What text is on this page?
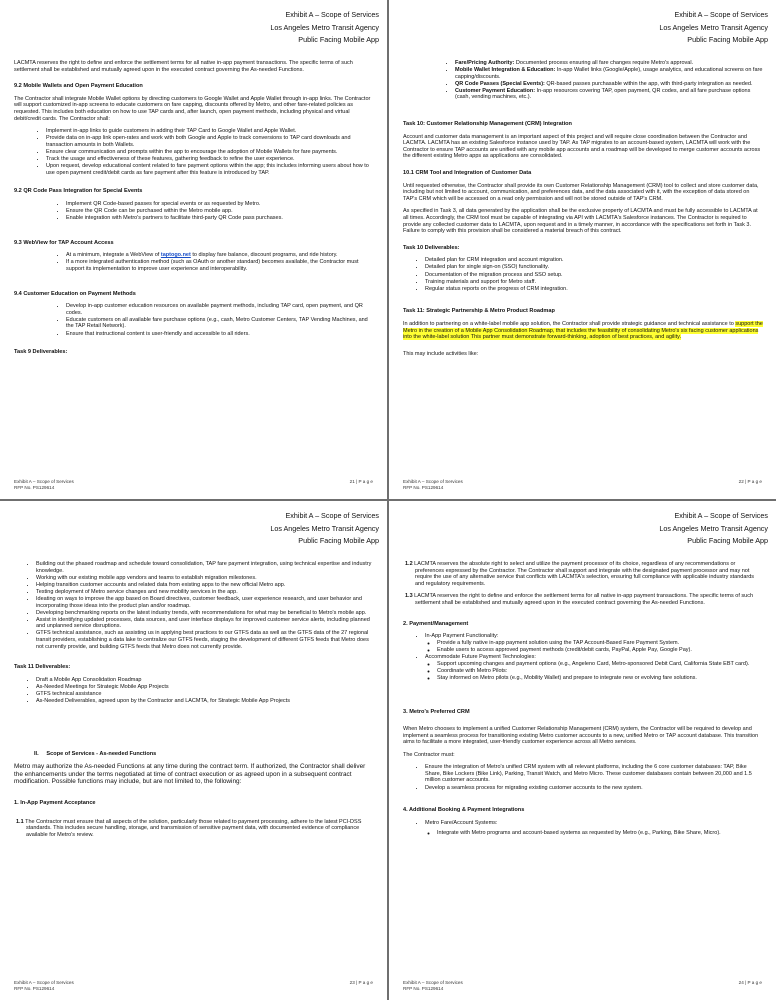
Exhibit A – Scope of Services
Los Angeles Metro Transit Agency
Public Facing Mobile App

LACMTA reserves the right to define and enforce the settlement terms for all native in-app payment transactions. The specific terms of such settlement shall be established and mutually agreed upon in the executed contract governing the As-needed Functions.

9.2 Mobile Wallets and Open Payment Education

The Contractor shall integrate Mobile Wallet options by directing customers to Google Wallet and Apple Wallet through in-app links. The Contractor will support customized in-app screens to educate customers on fare capping, discounts offered by Metro, and other fare-related policies as requested. This includes both education on how to use TAP cards and, after launch, open payment methods, including physical and virtual debit/credit cards. The Contractor shall:

• Implement in-app links to guide customers in adding their TAP Card to Google Wallet and Apple Wallet.
• Provide data on in-app link open-rates and work with both Google and Apple to track conversions to TAP card downloads and transaction amounts in both Wallets.
• Ensure clear communication and prompts within the app to encourage the adoption of Mobile Wallets for fare payments.
• Track the usage and effectiveness of these features, gathering feedback to refine the user experience.
• Upon request, develop educational content related to fare payment options within the app; this includes informing users about how to use open payment credit/debit cards as fare payment after this feature is introduced by TAP.
9.2 QR Code Pass Integration for Special Events
• Implement QR Code-based passes for special events or as requested by Metro.
• Ensure the QR Code can be purchased within the Metro mobile app.
• Enable integration with Metro's partners to facilitate third-party QR Code pass purchases.
9.3 WebView for TAP Account Access
• At a minimum, integrate a WebView of taptogo.net to display fare balance, discount programs, and ride history.
• If a more integrated authentication method (such as OAuth or another standard) becomes available, the Contractor must support its implementation to improve user experience and interoperability.
9.4 Customer Education on Payment Methods
• Develop in-app customer education resources on available payment methods, including TAP card, open payment, and QR codes.
• Educate customers on all available fare purchase options (e.g., cash, Metro Customer Centers, TAP Vending Machines, and the TAP Retail Network).
• Ensure that instructional content is user-friendly and accessible to all riders.
Task 9 Deliverables:
Exhibit A – Scope of Services
RFP No. PS129614
21 | P a g e
Exhibit A – Scope of Services
Los Angeles Metro Transit Agency
Public Facing Mobile App
• Fare/Pricing Authority: Documented process ensuring all fare changes require Metro's approval.
• Mobile Wallet Integration & Education: In-app Wallet links (Google/Apple), usage analytics, and educational screens on fare capping/discounts.
• QR Code Passes (Special Events): QR-based passes purchasable within the app, with third-party integration as needed.
• Customer Payment Education: In-app resources covering TAP, open payment, QR codes, and all fare purchase options (cash, vending machines, etc.).
Task 10: Customer Relationship Management (CRM) Integration

Account and customer data management is an important aspect of this project and will require close coordination between the Contractor and LACMTA. LACMTA has an existing Salesforce instance used by TAP. As TAP migrates to an account-based system, LACMTA will work with the Contractor to ensure TAP accounts are unified with any mobile app accounts and a roadmap will be developed to merge customer accounts across the different existing Metro apps as applications are consolidated.

10.1 CRM Tool and Integration of Customer Data

Until requested otherwise, the Contractor shall provide its own Customer Relationship Management (CRM) tool to collect and store customer data, including but not limited to account, communication, and preferences data, and the data associated with it, with the exception of data stored on TAP's CRM which will be accessed on a read only permission and will not be stored outside of TAP's CRM.

As specified in Task 3, all data generated by the application shall be the exclusive property of LACMTA and must be fully accessible to LACMTA at all times. Accordingly, the CRM tool must be capable of integrating via API with LACMTA's Salesforce instances. The Contractor is required to provide any collected customer data to LACMTA, upon request and in a timely manner, in accordance with the specifications set forth in Task 3. Failure to comply with this provision shall be considered a material breach of this contract.

Task 10 Deliverables:
• Detailed plan for CRM integration and account migration.
• Detailed plan for single sign-on (SSO) functionality.
• Documentation of the migration process and SSO setup.
• Training materials and support for Metro staff.
• Regular status reports on the progress of CRM integration.
Task 11: Strategic Partnership & Metro Product Roadmap

In addition to partnering on a white-label mobile app solution, the Contractor shall provide strategic guidance and technical assistance to support the Metro in the creation of a Mobile App Consolidation Roadmap, that includes the feasibility of consolidating Metro's six facing customer applications into the white-label solution This partner must demonstrate forward-thinking, adoption of best practices, and agility.

This may include activities like:

Exhibit A – Scope of Services
RFP No. PS129614
22 | P a g e
Exhibit A – Scope of Services
Los Angeles Metro Transit Agency
Public Facing Mobile App
• Building out the phased roadmap and schedule toward consolidation, TAP fare payment integration, using technical expertise and industry knowledge.
• Working with our existing mobile app vendors and teams to establish migration milestones.
• Helping transition customer accounts and related data from existing apps to the new official Metro app.
• Testing deployment of Metro service changes and new mobility services in the app.
• Ideating on ways to improve the app based on Board directives, customer feedback, user experience research, and user behavior and incorporating those ideas into the product plan and/or roadmap.
• Developing benchmarking reports on the latest industry trends, with recommendations for what may be beneficial to Metro's mobile app.
• Assist in identifying updated processes, data sources, and user interface displays for improved customer service alerts, including planned and unplanned service disruptions.
• GTFS technical assistance, such as assisting us in applying best practices to our GTFS data as well as the GTFS data of the 27 regional transit providers, establishing a data lake to centralize our GTFS feeds, staging the development of different GTFS feeds that Metro does not currently provide, and building GTFS feeds that Metro does not currently provide.
Task 11 Deliverables:
• Draft a Mobile App Consolidation Roadmap
• As-Needed Meetings for Strategic Mobile App Projects
• GTFS technical assistance
• As-Needed Deliverables, agreed upon by the Contractor and LACMTA, for Strategic Mobile App Projects
II.     Scope of Services - As-needed Functions

Metro may authorize the As-needed Functions at any time during the contract term. If authorized, the Contractor shall deliver the enhancements under the terms negotiated at time of contract execution or as agreed upon in a subsequent contract modification. Possible functions may include, but are not limited to, the following:

1. In-App Payment Acceptance

1.1 The Contractor must ensure that all aspects of the solution, particularly those related to payment processing, adhere to the latest PCI-DSS standards. This includes secure handling, storage, and transmission of sensitive payment data, with documented evidence of compliance available for Metro's review.

Exhibit A – Scope of Services
RFP No. PS129614
23 | P a g e
Exhibit A – Scope of Services
Los Angeles Metro Transit Agency
Public Facing Mobile App

1.2 LACMTA reserves the absolute right to select and utilize the payment processor of its choice, regardless of any recommendations or preferences expressed by the Contractor. The Contractor shall support and integrate with the designated payment processor and may not require the use of any alternative service that conflicts with LACMTA's selection, ensuring full compliance with applicable industry standards and regulatory requirements.

1.3 LACMTA reserves the right to define and enforce the settlement terms for all native in-app payment transactions. The specific terms of such settlement shall be established and mutually agreed upon in the executed contract governing the As-needed Functions.

2. Payment/Management
• In-App Payment Functionality:
◦ Provide a fully native in-app payment solution using the TAP Account-Based Fare Payment System.
◦ Enable users to access approved payment methods (credit/debit cards, PayPal, Apple Pay, Google Pay).
• Accommodate Future Payment Technologies:
◦ Support upcoming changes and payment options (e.g., Angeleno Card, Metro-sponsored Debit Card, California State EBT card).
◦ Coordinate with Metro Pilots:
◦ Stay informed on Metro pilots (e.g., Mobility Wallet) and prepare to integrate new or evolving fare solutions.
3. Metro's Preferred CRM

When Metro chooses to implement a unified Customer Relationship Management (CRM) system, the Contractor will be required to develop and implement a seamless process for transitioning existing Metro customer accounts to a new, unified Metro or TAP account database. This transition aims to facilitate a more integrated, user-friendly customer experience across all Metro services.

The Contractor must:

• Ensure the integration of Metro's unified CRM system with all relevant platforms, including the 6 core customer databases: TAP, Bike Share, Bike Lockers (Bike Link), Parking, Transit Watch, and Metro Micro. These customer databases contain between 20,000 and 1.5 million customer accounts.
• Develop a seamless process for migrating existing customer accounts to the new system.
4. Additional Booking & Payment Integrations
• Metro Fare/Account Systems:
◦ Integrate with Metro programs and account-based systems as requested by Metro (e.g., Parking, Bike Share, Micro).
Exhibit A – Scope of Services
RFP No. PS129614
24 | P a g e
